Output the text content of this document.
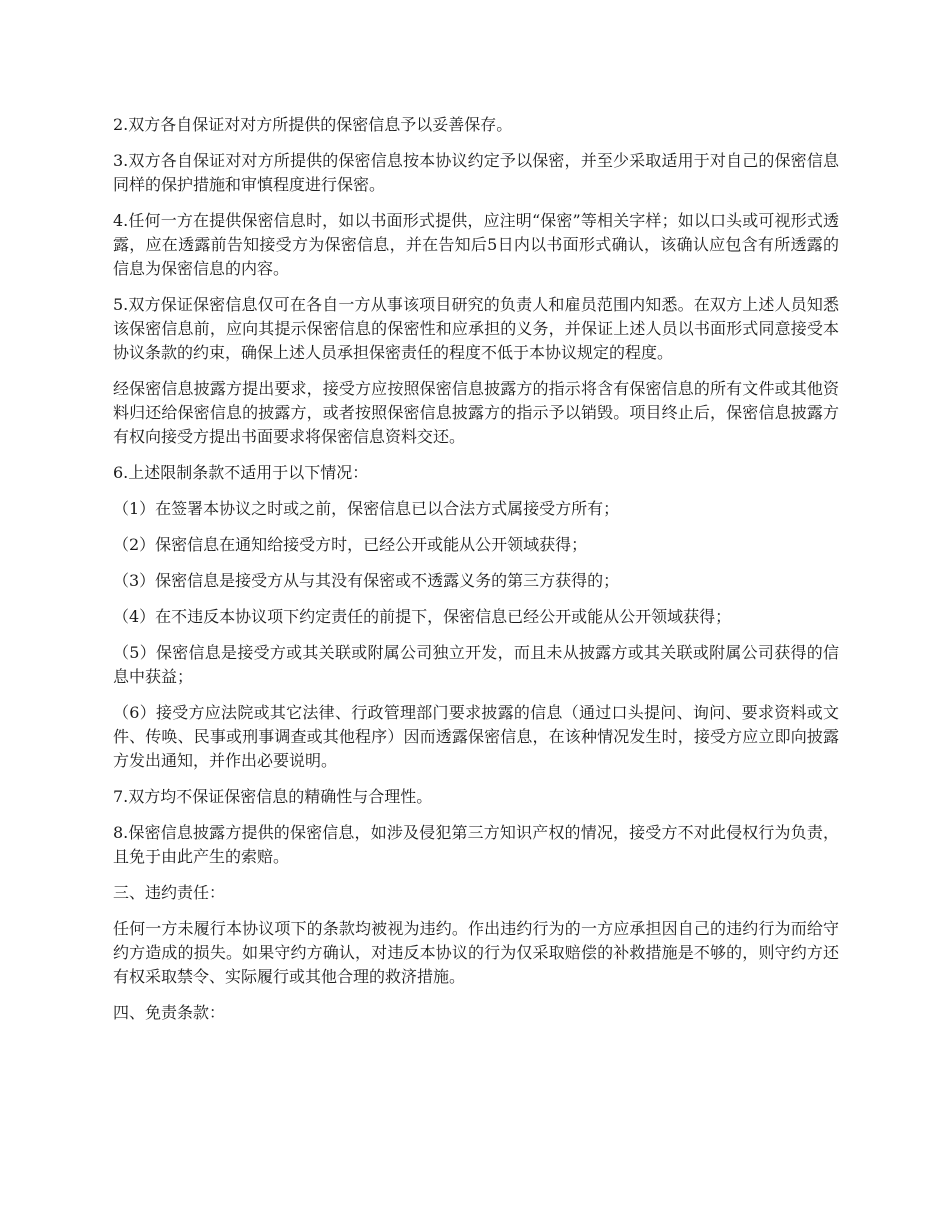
2.双方各自保证对对方所提供的保密信息予以妥善保存。

3.双方各自保证对对方所提供的保密信息按本协议约定予以保密，并至少采取适用于对自己的保密信息同样的保护措施和审慎程度进行保密。

4.任何一方在提供保密信息时，如以书面形式提供，应注明“保密”等相关字样；如以口头或可视形式透露，应在透露前告知接受方为保密信息，并在告知后5日内以书面形式确认，该确认应包含有所透露的信息为保密信息的内容。

5.双方保证保密信息仅可在各自一方从事该项目研究的负责人和雇员范围内知悉。在双方上述人员知悉该保密信息前，应向其提示保密信息的保密性和应承担的义务，并保证上述人员以书面形式同意接受本协议条款的约束，确保上述人员承担保密责任的程度不低于本协议规定的程度。

经保密信息披露方提出要求，接受方应按照保密信息披露方的指示将含有保密信息的所有文件或其他资料归还给保密信息的披露方，或者按照保密信息披露方的指示予以销毁。项目终止后，保密信息披露方有权向接受方提出书面要求将保密信息资料交还。

6.上述限制条款不适用于以下情况：

（1）在签署本协议之时或之前，保密信息已以合法方式属接受方所有；

（2）保密信息在通知给接受方时，已经公开或能从公开领域获得；

（3）保密信息是接受方从与其没有保密或不透露义务的第三方获得的；

（4）在不违反本协议项下约定责任的前提下，保密信息已经公开或能从公开领域获得；

（5）保密信息是接受方或其关联或附属公司独立开发，而且未从披露方或其关联或附属公司获得的信息中获益；

（6）接受方应法院或其它法律、行政管理部门要求披露的信息（通过口头提问、询问、要求资料或文件、传唤、民事或刑事调查或其他程序）因而透露保密信息，在该种情况发生时，接受方应立即向披露方发出通知，并作出必要说明。

7.双方均不保证保密信息的精确性与合理性。

8.保密信息披露方提供的保密信息，如涉及侵犯第三方知识产权的情况，接受方不对此侵权行为负责，且免于由此产生的索赔。

三、违约责任：

任何一方未履行本协议项下的条款均被视为违约。作出违约行为的一方应承担因自己的违约行为而给守约方造成的损失。如果守约方确认，对违反本协议的行为仅采取赔偿的补救措施是不够的，则守约方还有权采取禁令、实际履行或其他合理的救济措施。

四、免责条款：
